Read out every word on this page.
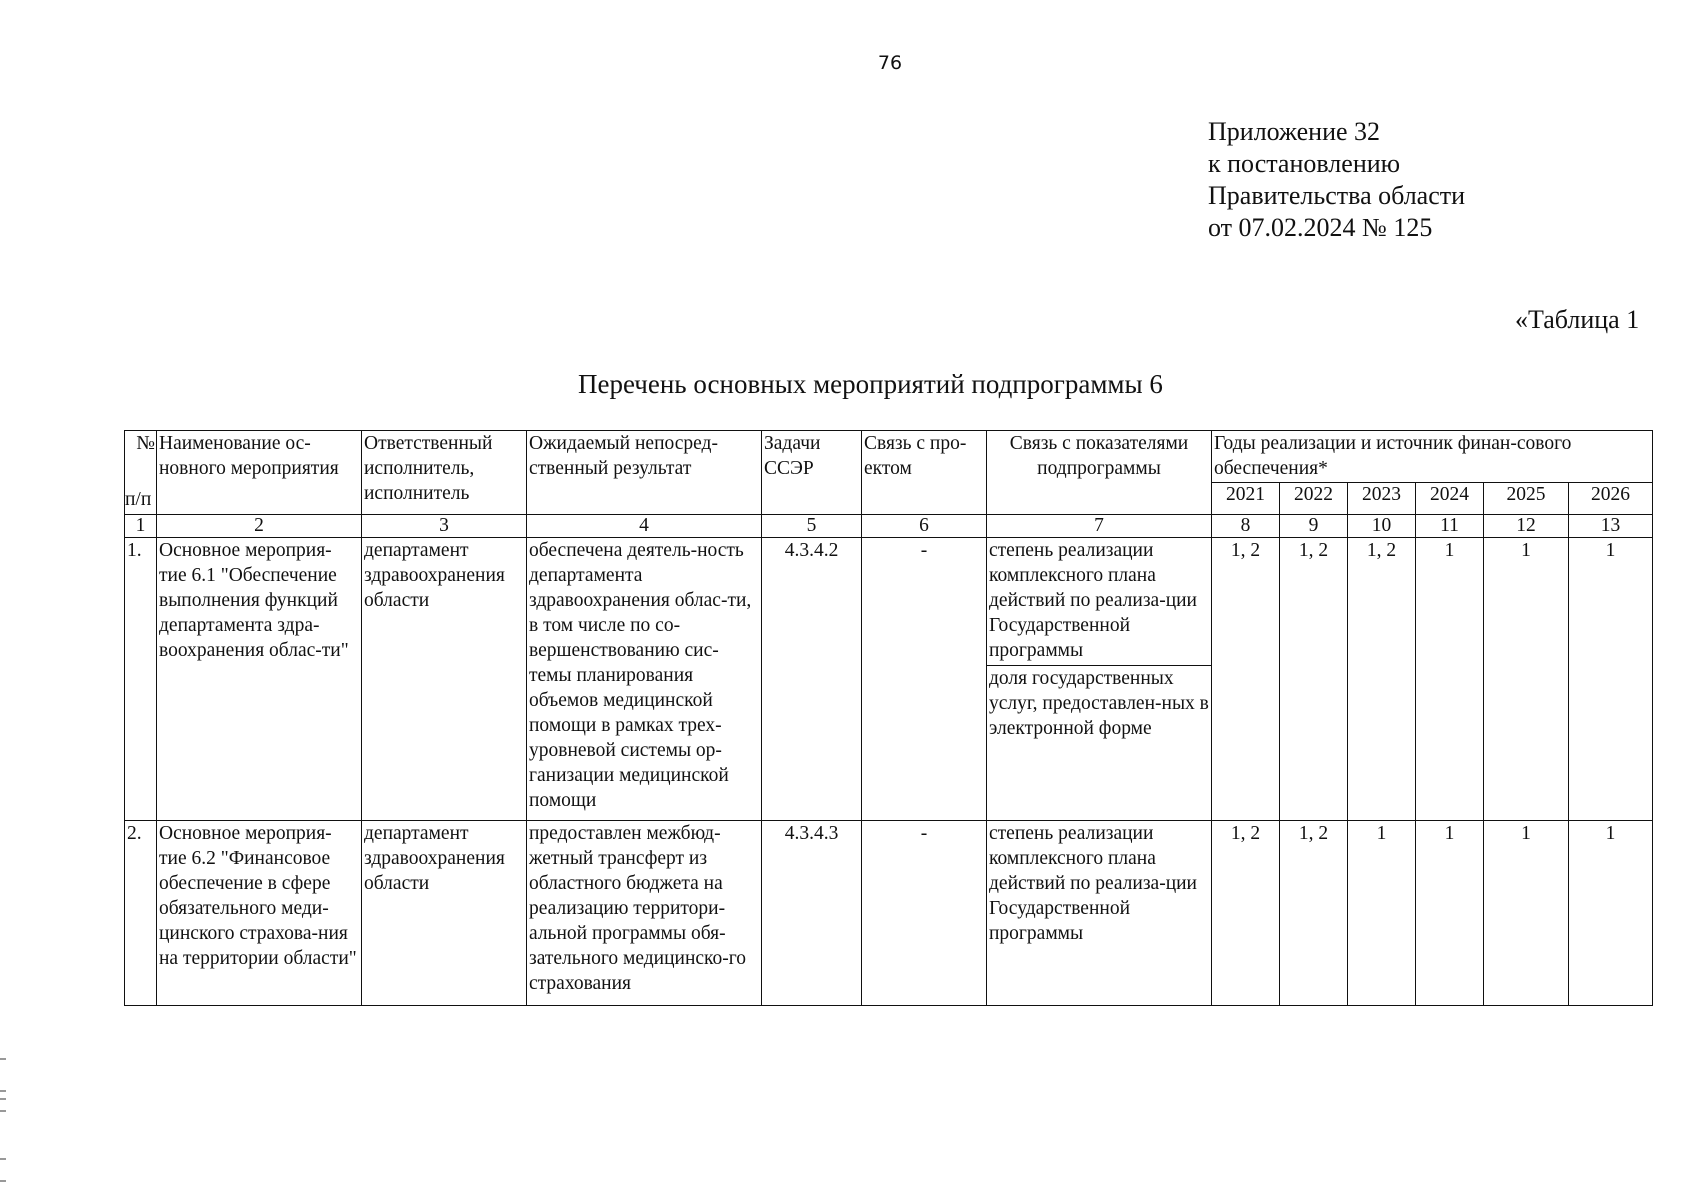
76
Приложение 32
к постановлению
Правительства области
от 07.02.2024 № 125
«Таблица 1
Перечень основных мероприятий подпрограммы 6
№
п/п	Наименование ос-новного мероприятия	Ответственный исполнитель, исполнитель	Ожидаемый непосред-ственный результат	Задачи ССЭР	Связь с про-ектом	Связь с показателями подпрограммы	Годы реализации и источник финан-сового обеспечения*					
							2021	2022	2023	2024	2025	2026
1	2	3	4	5	6	7	8	9	10	11	12	13
1.	Основное мероприя-тие 6.1 "Обеспечение выполнения функций департамента здра-воохранения облас-ти"	департамент здравоохранения области	обеспечена деятель-ность департамента здравоохранения облас-ти, в том числе по со-вершенствованию сис-темы планирования объемов медицинской помощи в рамках трех-уровневой системы ор-ганизации медицинской помощи	4.3.4.2	-	степень реализации комплексного плана действий по реализа-ции Государственной программы	1, 2	1, 2	1, 2	1	1	1
						доля государственных услуг, предоставлен-ных в электронной форме						
2.	Основное мероприя-тие 6.2 "Финансовое обеспечение в сфере обязательного меди-цинского страхова-ния на территории области"	департамент здравоохранения области	предоставлен межбюд-жетный трансферт из областного бюджета на реализацию территори-альной программы обя-зательного медицинско-го страхования	4.3.4.3	-	степень реализации комплексного плана действий по реализа-ции Государственной программы	1, 2	1, 2	1	1	1	1
